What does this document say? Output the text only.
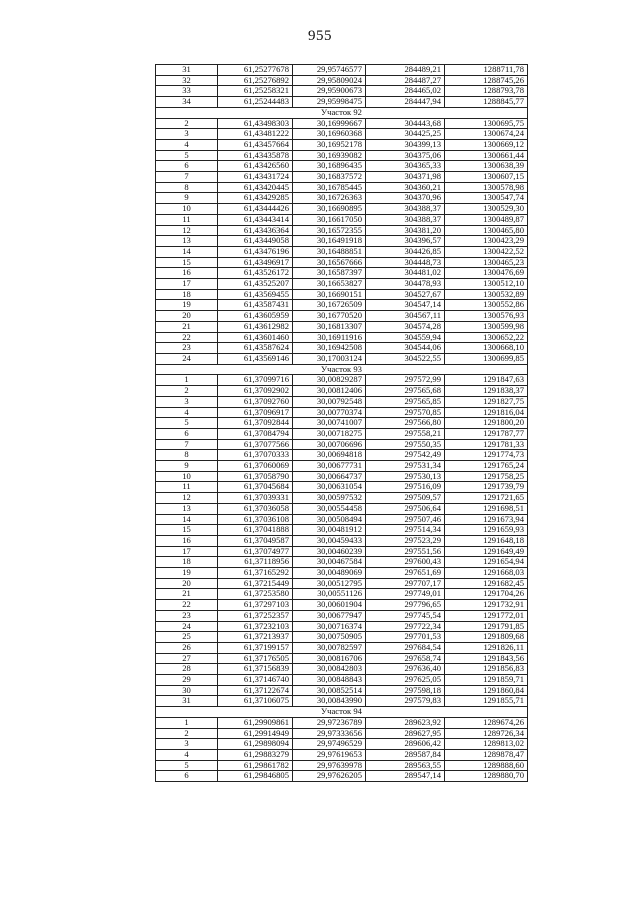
955
31	61,25277678	29,95746577	284489,21	1288711,78
32	61,25276892	29,95809024	284487,27	1288745,26
33	61,25258321	29,95900673	284465,02	1288793,78
34	61,25244483	29,95998475	284447,94	1288845,77
Участок 92				
2	61,43498303	30,16999667	304443,68	1300695,75
3	61,43481222	30,16960368	304425,25	1300674,24
4	61,43457664	30,16952178	304399,13	1300669,12
5	61,43435878	30,16939082	304375,06	1300661,44
6	61,43426560	30,16896435	304365,33	1300638,39
7	61,43431724	30,16837572	304371,98	1300607,15
8	61,43420445	30,16785445	304360,21	1300578,98
9	61,43429285	30,16726363	304370,96	1300547,74
10	61,43444426	30,16690895	304388,37	1300529,30
11	61,43443414	30,16617050	304388,37	1300489,87
12	61,43436364	30,16572355	304381,20	1300465,80
13	61,43449058	30,16491918	304396,57	1300423,29
14	61,43476196	30,16488851	304426,85	1300422,52
15	61,43496917	30,16567666	304448,73	1300465,23
16	61,43526172	30,16587397	304481,02	1300476,69
17	61,43525207	30,16653827	304478,93	1300512,10
18	61,43569455	30,16690151	304527,67	1300532,89
19	61,43587431	30,16726509	304547,14	1300552,86
20	61,43605959	30,16770520	304567,11	1300576,93
21	61,43612982	30,16813307	304574,28	1300599,98
22	61,43601460	30,16911916	304559,94	1300652,22
23	61,43587624	30,16942508	304544,06	1300668,10
24	61,43569146	30,17003124	304522,55	1300699,85
Участок 93				
1	61,37099716	30,00829287	297572,99	1291847,63
2	61,37092902	30,00812406	297565,68	1291838,37
3	61,37092760	30,00792548	297565,85	1291827,75
4	61,37096917	30,00770374	297570,85	1291816,04
5	61,37092844	30,00741007	297566,80	1291800,20
6	61,37084794	30,00718275	297558,21	1291787,77
7	61,37077566	30,00706696	297550,35	1291781,33
8	61,37070333	30,00694818	297542,49	1291774,73
9	61,37060069	30,00677731	297531,34	1291765,24
10	61,37058790	30,00664737	297530,13	1291758,25
11	61,37045684	30,00631054	297516,09	1291739,79
12	61,37039331	30,00597532	297509,57	1291721,65
13	61,37036058	30,00554458	297506,64	1291698,51
14	61,37036108	30,00508494	297507,46	1291673,94
15	61,37041888	30,00481912	297514,34	1291659,93
16	61,37049587	30,00459433	297523,29	1291648,18
17	61,37074977	30,00460239	297551,56	1291649,49
18	61,37118956	30,00467584	297600,43	1291654,94
19	61,37165292	30,00489069	297651,69	1291668,03
20	61,37215449	30,00512795	297707,17	1291682,45
21	61,37253580	30,00551126	297749,01	1291704,26
22	61,37297103	30,00601904	297796,65	1291732,91
23	61,37252357	30,00677947	297745,54	1291772,01
24	61,37232103	30,00716374	297722,34	1291791,85
25	61,37213937	30,00750905	297701,53	1291809,68
26	61,37199157	30,00782597	297684,54	1291826,11
27	61,37176505	30,00816706	297658,74	1291843,56
28	61,37156839	30,00842803	297636,40	1291856,83
29	61,37146740	30,00848843	297625,05	1291859,71
30	61,37122674	30,00852514	297598,18	1291860,84
31	61,37106075	30,00843990	297579,83	1291855,71
Участок 94				
1	61,29909861	29,97236789	289623,92	1289674,26
2	61,29914949	29,97333656	289627,95	1289726,34
3	61,29898094	29,97496529	289606,42	1289813,02
4	61,29883279	29,97619653	289587,84	1289878,47
5	61,29861782	29,97639978	289563,55	1289888,60
6	61,29846805	29,97626205	289547,14	1289880,70
